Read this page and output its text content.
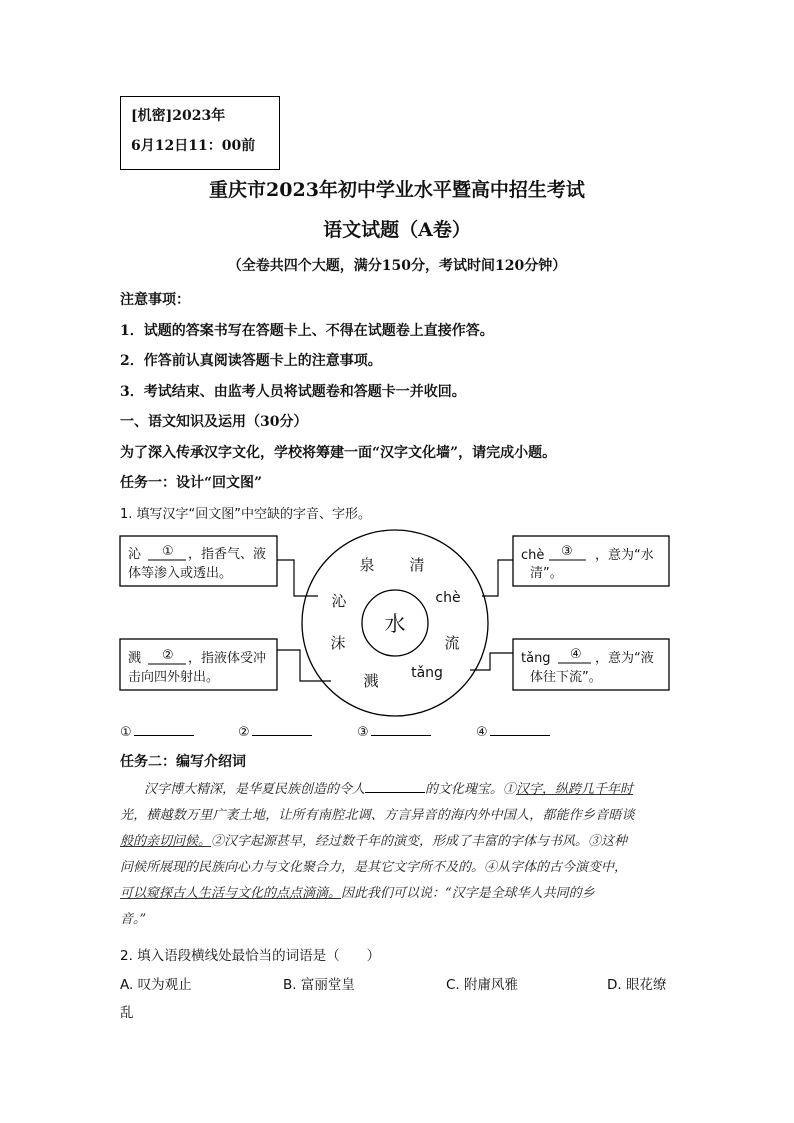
[机密]2023年
6月12日11：00前
重庆市2023年初中学业水平暨高中招生考试
语文试题（A卷）
（全卷共四个大题，满分150分，考试时间120分钟）
注意事项：
1．试题的答案书写在答题卡上、不得在试题卷上直接作答。
2．作答前认真阅读答题卡上的注意事项。
3．考试结束、由监考人员将试题卷和答题卡一并收回。
一、语文知识及运用（30分）
为了深入传承汉字文化，学校将筹建一面“汉字文化墙”，请完成小题。
任务一：设计“回文图”
1. 填写汉字“回文图”中空缺的字音、字形。
水
泉 清
沁	chè
沫	流
溅 tǎng
沁 ① ，指香气、液
体等渗入或透出。
chè ③ ，意为“水
清”。
溅 ② ，指液体受冲
击向四外射出。
tǎng ④ ，意为“液
体往下流”。
①	②	③	④
任务二：编写介绍词
汉字博大精深，是华夏民族创造的令人	的文化瑰宝。①汉字，纵跨几千年时
光，横越数万里广袤土地，让所有南腔北调、方言异音的海内外中国人，都能作乡音晤谈
般的亲切问候。②汉字起源甚早，经过数千年的演变，形成了丰富的字体与书风。③这种
问候所展现的民族向心力与文化聚合力，是其它文字所不及的。④从字体的古今演变中，
可以窥探古人生活与文化的点点滴滴。因此我们可以说：“汉字是全球华人共同的乡
音。”
2. 填入语段横线处最恰当的词语是（　　）
A. 叹为观止	B. 富丽堂皇	C. 附庸风雅	D. 眼花缭
乱
